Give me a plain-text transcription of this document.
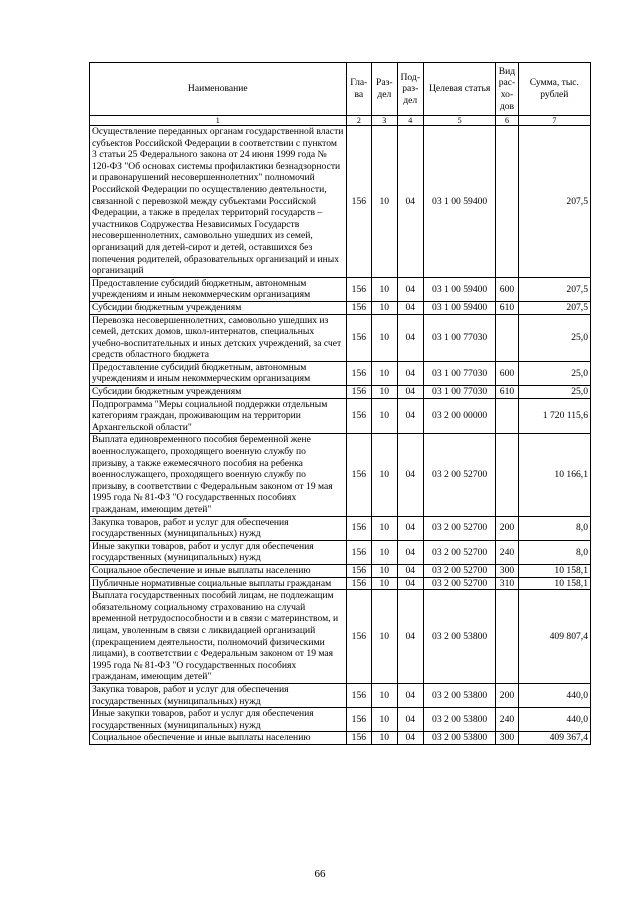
Наименование	Гла-ва	Раз-дел	Под-раз-дел	Целевая статья	Вид рас-хо-дов	Сумма, тыс. рублей
1	2	3	4	5	6	7
Осуществление переданных органам государственной власти субъектов Российской Федерации в соответствии с пунктом 3 статьи 25 Федерального закона от 24 июня 1999 года № 120-ФЗ "Об основах системы профилактики безнадзорности и правонарушений несовершеннолетних" полномочий Российской Федерации по осуществлению деятельности, связанной с перевозкой между субъектами Российской Федерации, а также в пределах территорий государств – участников Содружества Независимых Государств несовершеннолетних, самовольно ушедших из семей, организаций для детей-сирот и детей, оставшихся без попечения родителей, образовательных организаций и иных организаций	156	10	04	03 1 00 59400		207,5
Предоставление субсидий бюджетным, автономным учреждениям и иным некоммерческим организациям	156	10	04	03 1 00 59400	600	207,5
Субсидии бюджетным учреждениям	156	10	04	03 1 00 59400	610	207,5
Перевозка несовершеннолетних, самовольно ушедших из семей, детских домов, школ-интернатов, специальных учебно-воспитательных и иных детских учреждений, за счет средств областного бюджета	156	10	04	03 1 00 77030		25,0
Предоставление субсидий бюджетным, автономным учреждениям и иным некоммерческим организациям	156	10	04	03 1 00 77030	600	25,0
Субсидии бюджетным учреждениям	156	10	04	03 1 00 77030	610	25,0
Подпрограмма "Меры социальной поддержки отдельным категориям граждан, проживающим на территории Архангельской области"	156	10	04	03 2 00 00000		1 720 115,6
Выплата единовременного пособия беременной жене военнослужащего, проходящего военную службу по призыву, а также ежемесячного пособия на ребенка военнослужащего, проходящего военную службу по призыву, в соответствии с Федеральным законом от 19 мая 1995 года № 81-ФЗ "О государственных пособиях гражданам, имеющим детей"	156	10	04	03 2 00 52700		10 166,1
Закупка товаров, работ и услуг для обеспечения государственных (муниципальных) нужд	156	10	04	03 2 00 52700	200	8,0
Иные закупки товаров, работ и услуг для обеспечения государственных (муниципальных) нужд	156	10	04	03 2 00 52700	240	8,0
Социальное обеспечение и иные выплаты населению	156	10	04	03 2 00 52700	300	10 158,1
Публичные нормативные социальные выплаты гражданам	156	10	04	03 2 00 52700	310	10 158,1
Выплата государственных пособий лицам, не подлежащим обязательному социальному страхованию на случай временной нетрудоспособности и в связи с материнством, и лицам, уволенным в связи с ликвидацией организаций (прекращением деятельности, полномочий физическими лицами), в соответствии с Федеральным законом от 19 мая 1995 года № 81-ФЗ "О государственных пособиях гражданам, имеющим детей"	156	10	04	03 2 00 53800		409 807,4
Закупка товаров, работ и услуг для обеспечения государственных (муниципальных) нужд	156	10	04	03 2 00 53800	200	440,0
Иные закупки товаров, работ и услуг для обеспечения государственных (муниципальных) нужд	156	10	04	03 2 00 53800	240	440,0
Социальное обеспечение и иные выплаты населению	156	10	04	03 2 00 53800	300	409 367,4
66
